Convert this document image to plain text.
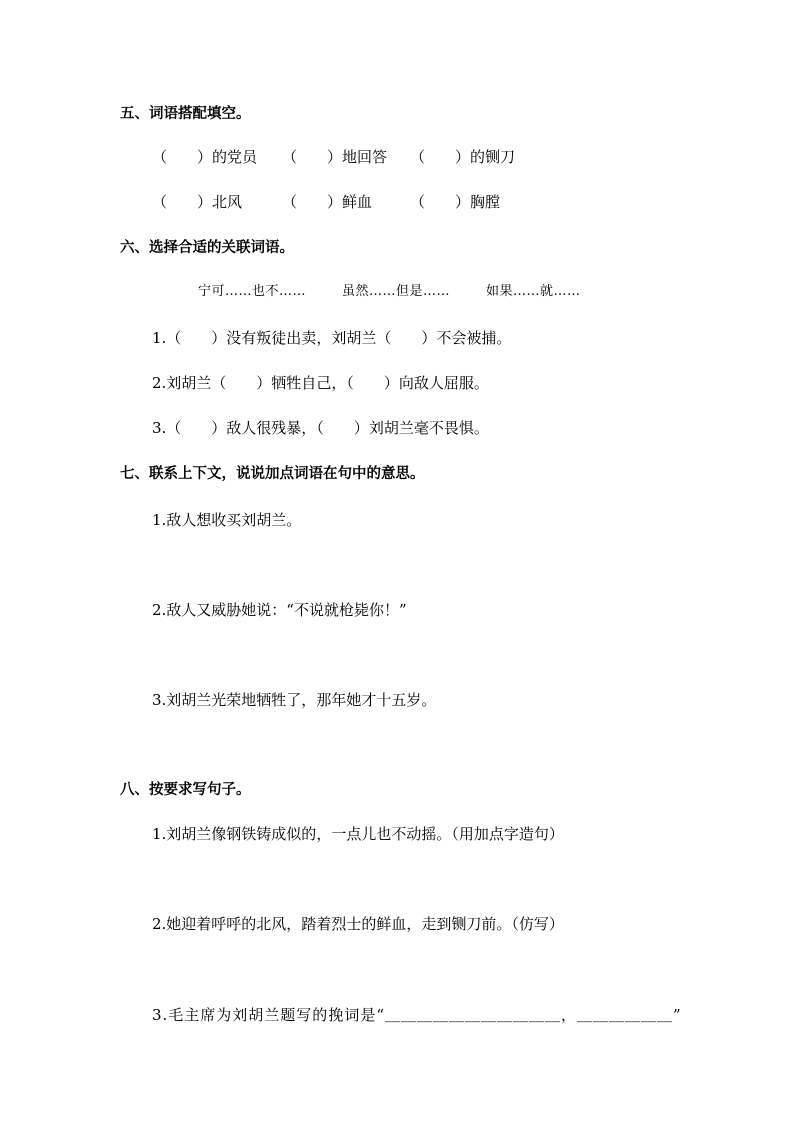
五、词语搭配填空。
（　　）的党员 （　　）地回答 （　　）的铡刀
（　　）北风	（　　）鲜血	（　　）胸膛
六、选择合适的关联词语。
宁可……也不……	虽然……但是……	如果……就……
1.（　　）没有叛徒出卖，刘胡兰（　　）不会被捕。
2.刘胡兰（　　）牺牲自己，（　　）向敌人屈服。
3.（　　）敌人很残暴，（　　）刘胡兰毫不畏惧。
七、联系上下文，说说加点词语在句中的意思。
1.敌人想收买刘胡兰。
2.敌人又威胁她说：“不说就枪毙你！”
3.刘胡兰光荣地牺牲了，那年她才十五岁。
八、按要求写句子。
1.刘胡兰像钢铁铸成似的，一点儿也不动摇。（用加点字造句）
2.她迎着呼呼的北风，踏着烈士的鲜血，走到铡刀前。（仿写）
3.毛主席为刘胡兰题写的挽词是“＿＿＿＿＿＿＿＿＿＿＿，＿＿＿＿＿＿”
